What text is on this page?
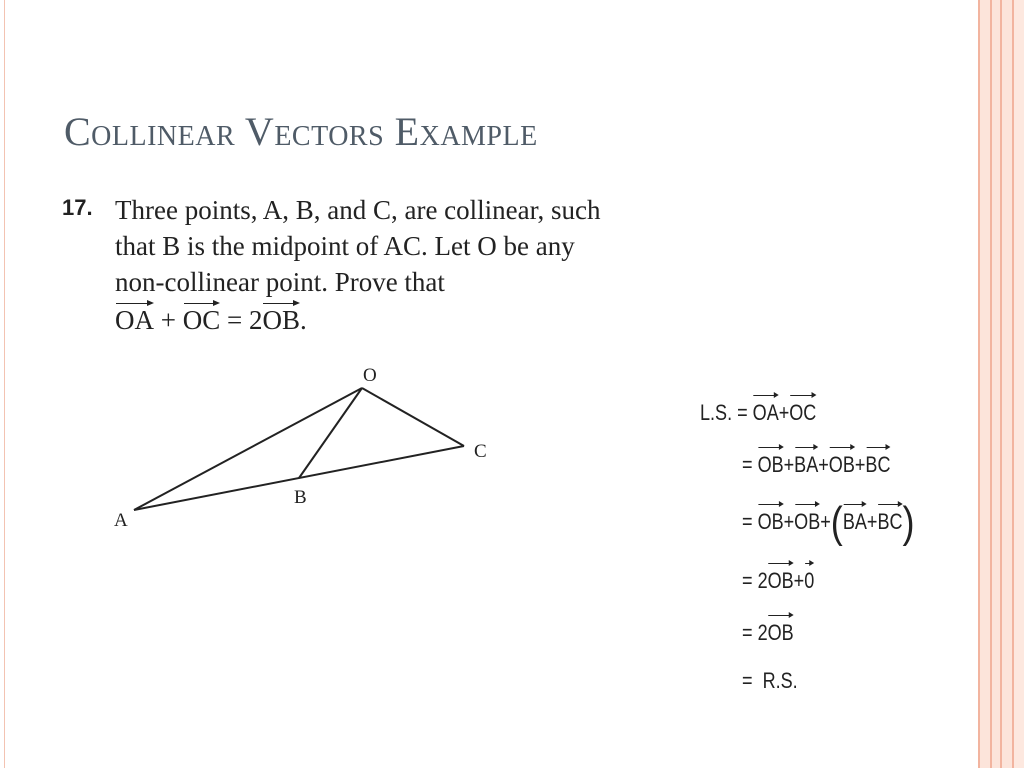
Collinear Vectors Example
17. Three points, A, B, and C, are collinear, such
that B is the midpoint of AC. Let O be any
non-collinear point. Prove that
OA + OC = 2OB.
O
A
B
C
L.S. = OA+OC
= OB+BA+OB+BC
= OB+OB+(BA+BC)
= 2OB+0
= 2OB
= R.S.
